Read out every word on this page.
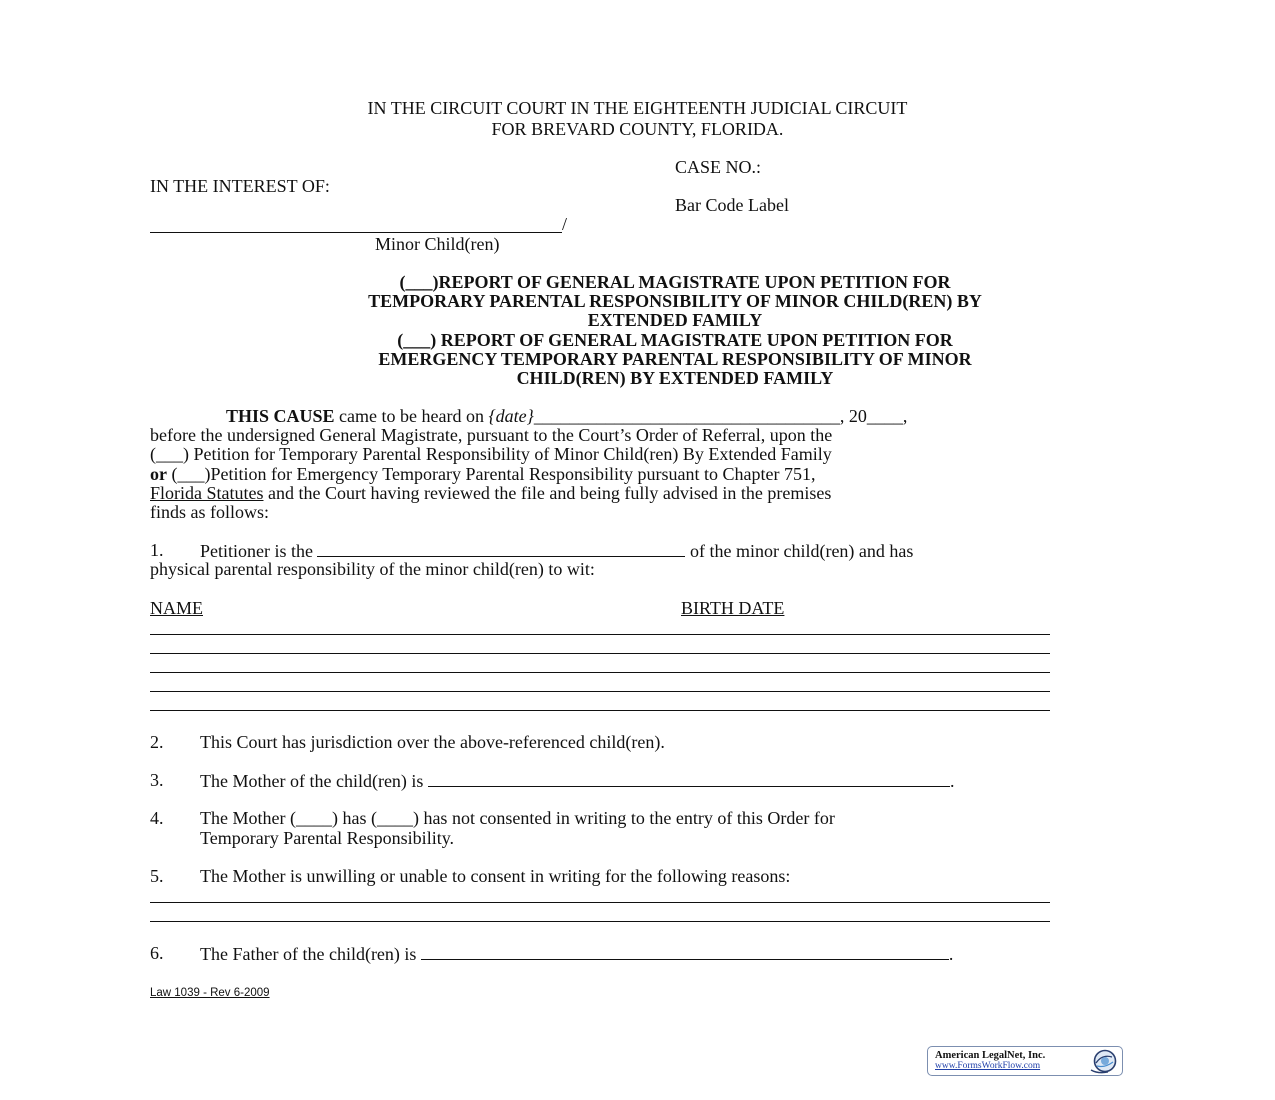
IN THE CIRCUIT COURT IN THE EIGHTEENTH JUDICIAL CIRCUIT
FOR BREVARD COUNTY, FLORIDA.
CASE NO.:
IN THE INTEREST OF:
Bar Code Label
/
Minor Child(ren)
(___)REPORT OF GENERAL MAGISTRATE UPON PETITION FOR
TEMPORARY PARENTAL RESPONSIBILITY OF MINOR CHILD(REN) BY
EXTENDED FAMILY
(___) REPORT OF GENERAL MAGISTRATE UPON PETITION FOR
EMERGENCY TEMPORARY PARENTAL RESPONSIBILITY OF MINOR
CHILD(REN) BY EXTENDED FAMILY
THIS CAUSE came to be heard on {date}__________________________________, 20____,
before the undersigned General Magistrate, pursuant to the Court’s Order of Referral, upon the
(___) Petition for Temporary Parental Responsibility of Minor Child(ren) By Extended Family
or (___)Petition for Emergency Temporary Parental Responsibility pursuant to Chapter 751,
Florida Statutes and the Court having reviewed the file and being fully advised in the premises
finds as follows:
1.	Petitioner is the	of the minor child(ren) and has
physical parental responsibility of the minor child(ren) to wit:
NAME	BIRTH DATE
2.	This Court has jurisdiction over the above-referenced child(ren).
3.	The Mother of the child(ren) is	.
4.	The Mother (____) has (____) has not consented in writing to the entry of this Order for
Temporary Parental Responsibility.
5.	The Mother is unwilling or unable to consent in writing for the following reasons:
6.	The Father of the child(ren) is	.
Law 1039 - Rev 6-2009
American LegalNet, Inc.
www.FormsWorkFlow.com
